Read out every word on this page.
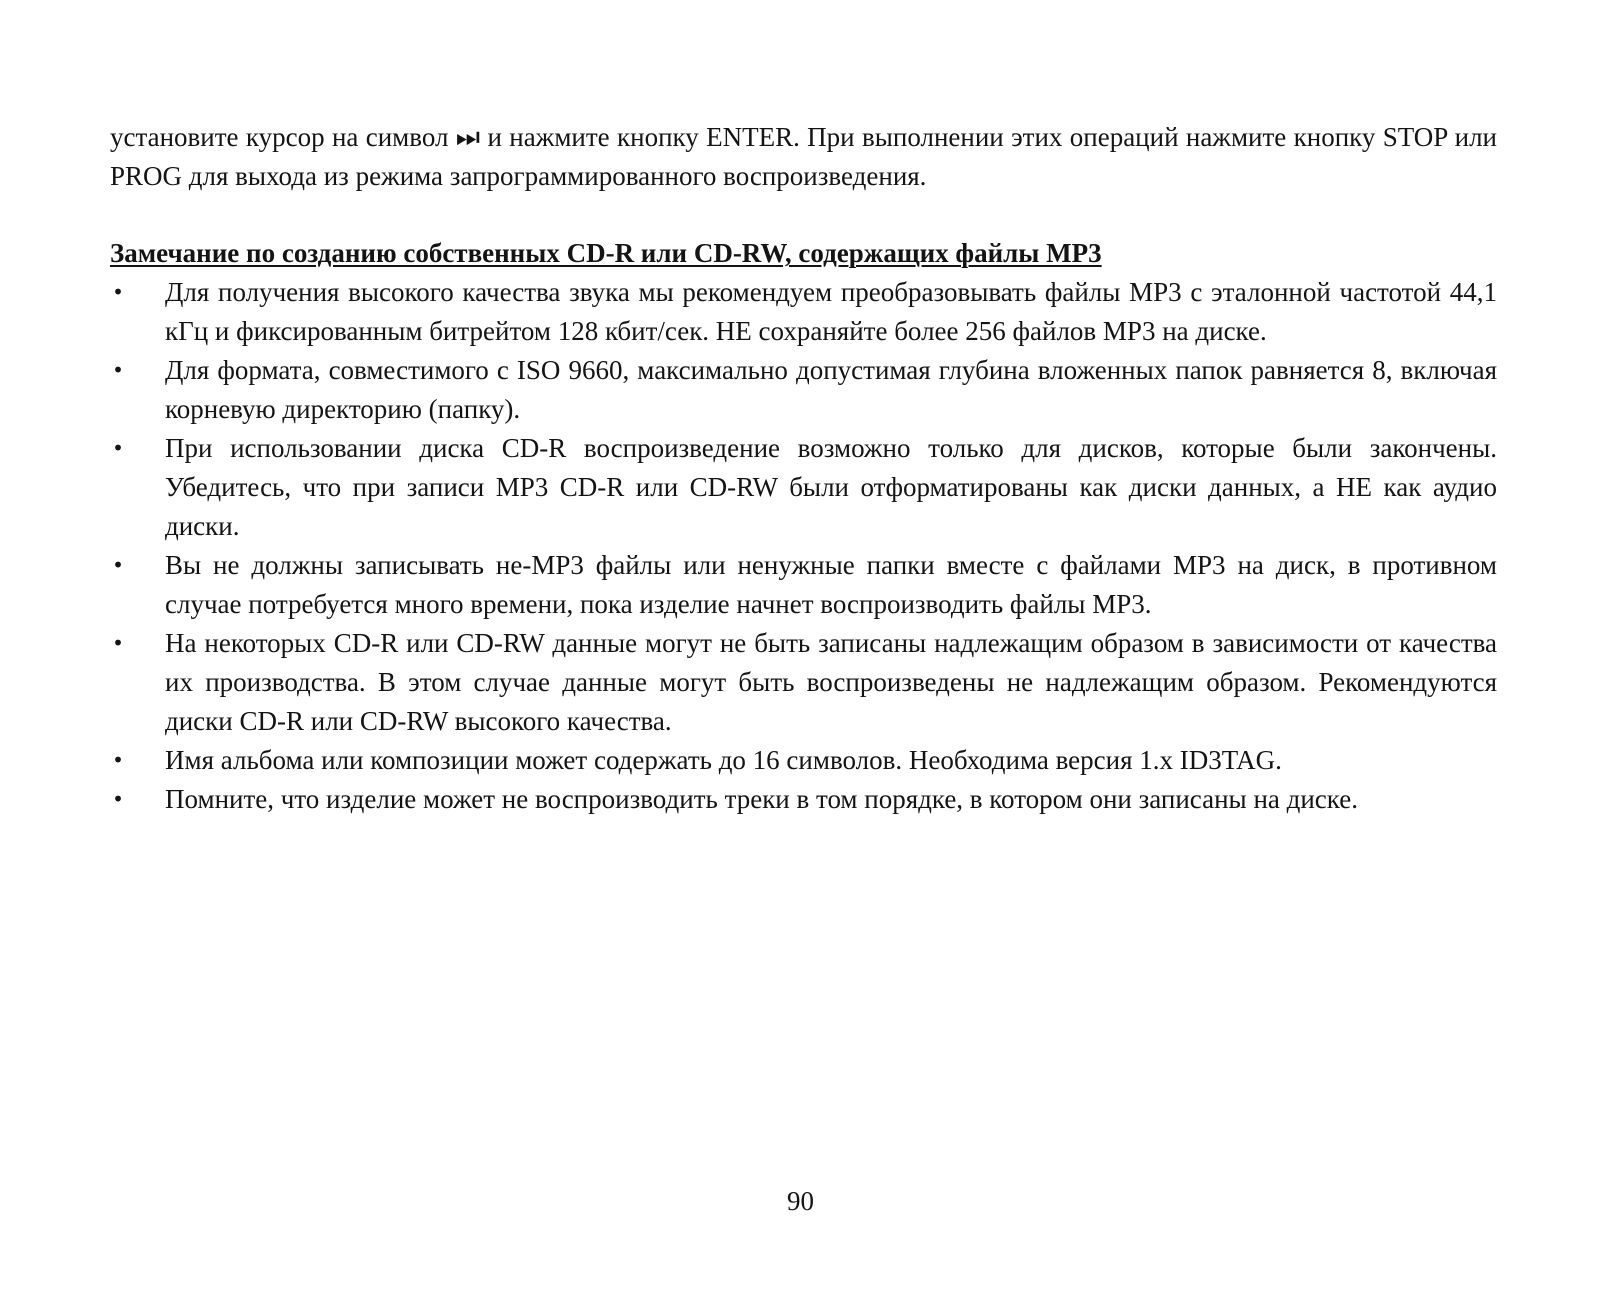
установите курсор на символ ⏭ и нажмите кнопку ENTER. При выполнении этих операций нажмите кнопку STOP или PROG для выхода из режима запрограммированного воспроизведения.

Замечание по созданию собственных CD-R или CD-RW, содержащих файлы MP3
• Для получения высокого качества звука мы рекомендуем преобразовывать файлы MP3 с эталонной частотой 44,1 кГц и фиксированным битрейтом 128 кбит/сек. НЕ сохраняйте более 256 файлов MP3 на диске.
• Для формата, совместимого с ISO 9660, максимально допустимая глубина вложенных папок равняется 8, включая корневую директорию (папку).
• При использовании диска CD-R воспроизведение возможно только для дисков, которые были закончены. Убедитесь, что при записи MP3 CD-R или CD-RW были отформатированы как диски данных, а НЕ как аудио диски.
• Вы не должны записывать не-MP3 файлы или ненужные папки вместе с файлами MP3 на диск, в противном случае потребуется много времени, пока изделие начнет воспроизводить файлы MP3.
• На некоторых CD-R или CD-RW данные могут не быть записаны надлежащим образом в зависимости от качества их производства. В этом случае данные могут быть воспроизведены не надлежащим образом. Рекомендуются диски CD-R или CD-RW высокого качества.
• Имя альбома или композиции может содержать до 16 символов. Необходима версия 1.x ID3TAG.
• Помните, что изделие может не воспроизводить треки в том порядке, в котором они записаны на диске.
90
